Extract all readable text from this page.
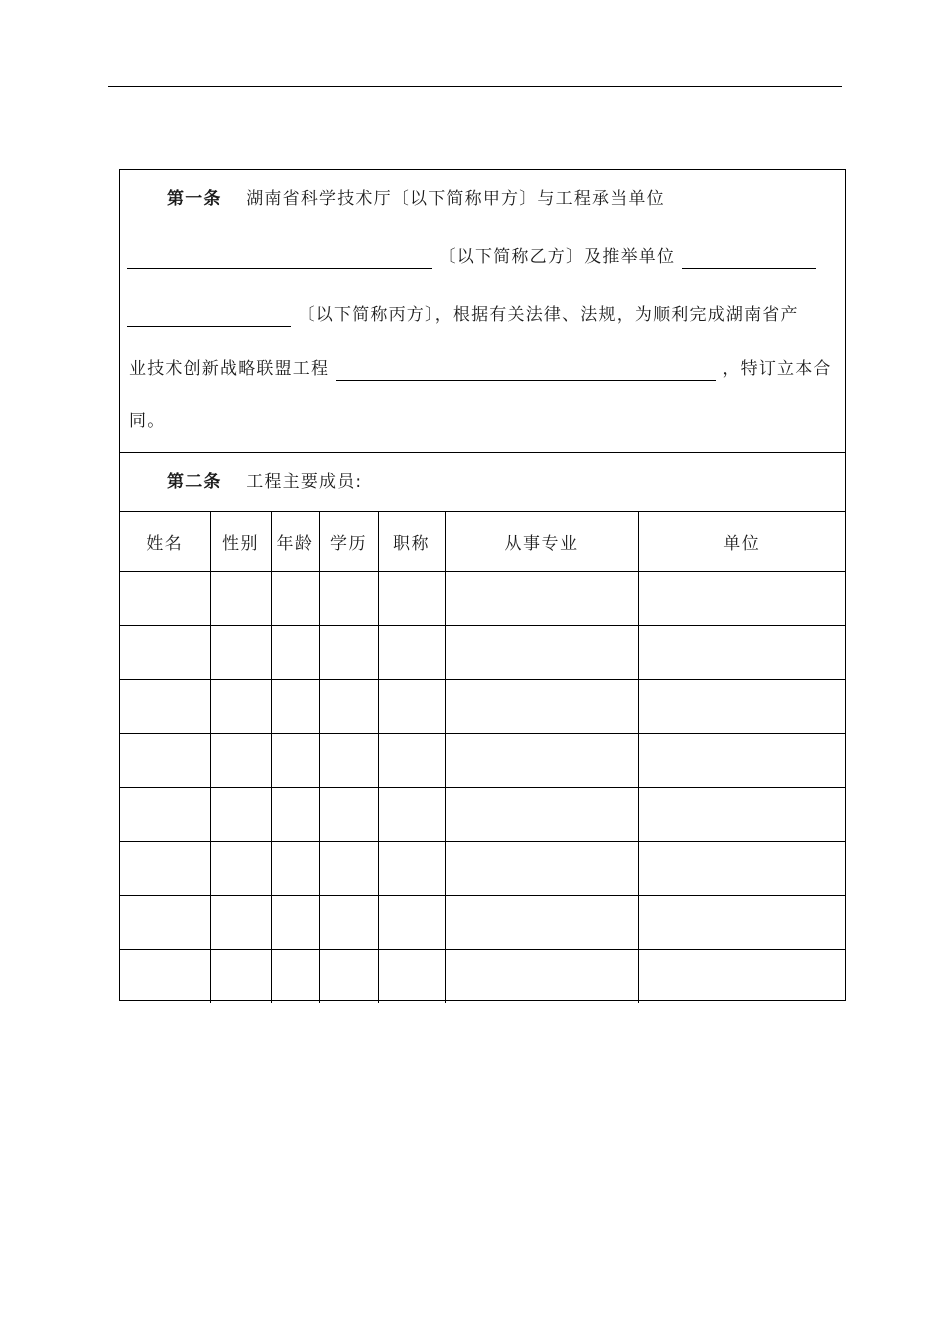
第一条 湖南省科学技术厅〔以下简称甲方〕与工程承当单位
〔以下简称乙方〕及推举单位
〔以下简称丙方〕，根据有关法律、法规，为顺利完成湖南省产
业技术创新战略联盟工程	，特订立本合
同。
第二条 工程主要成员:
姓名	性别	年龄	学历	职称	从事专业	单位
